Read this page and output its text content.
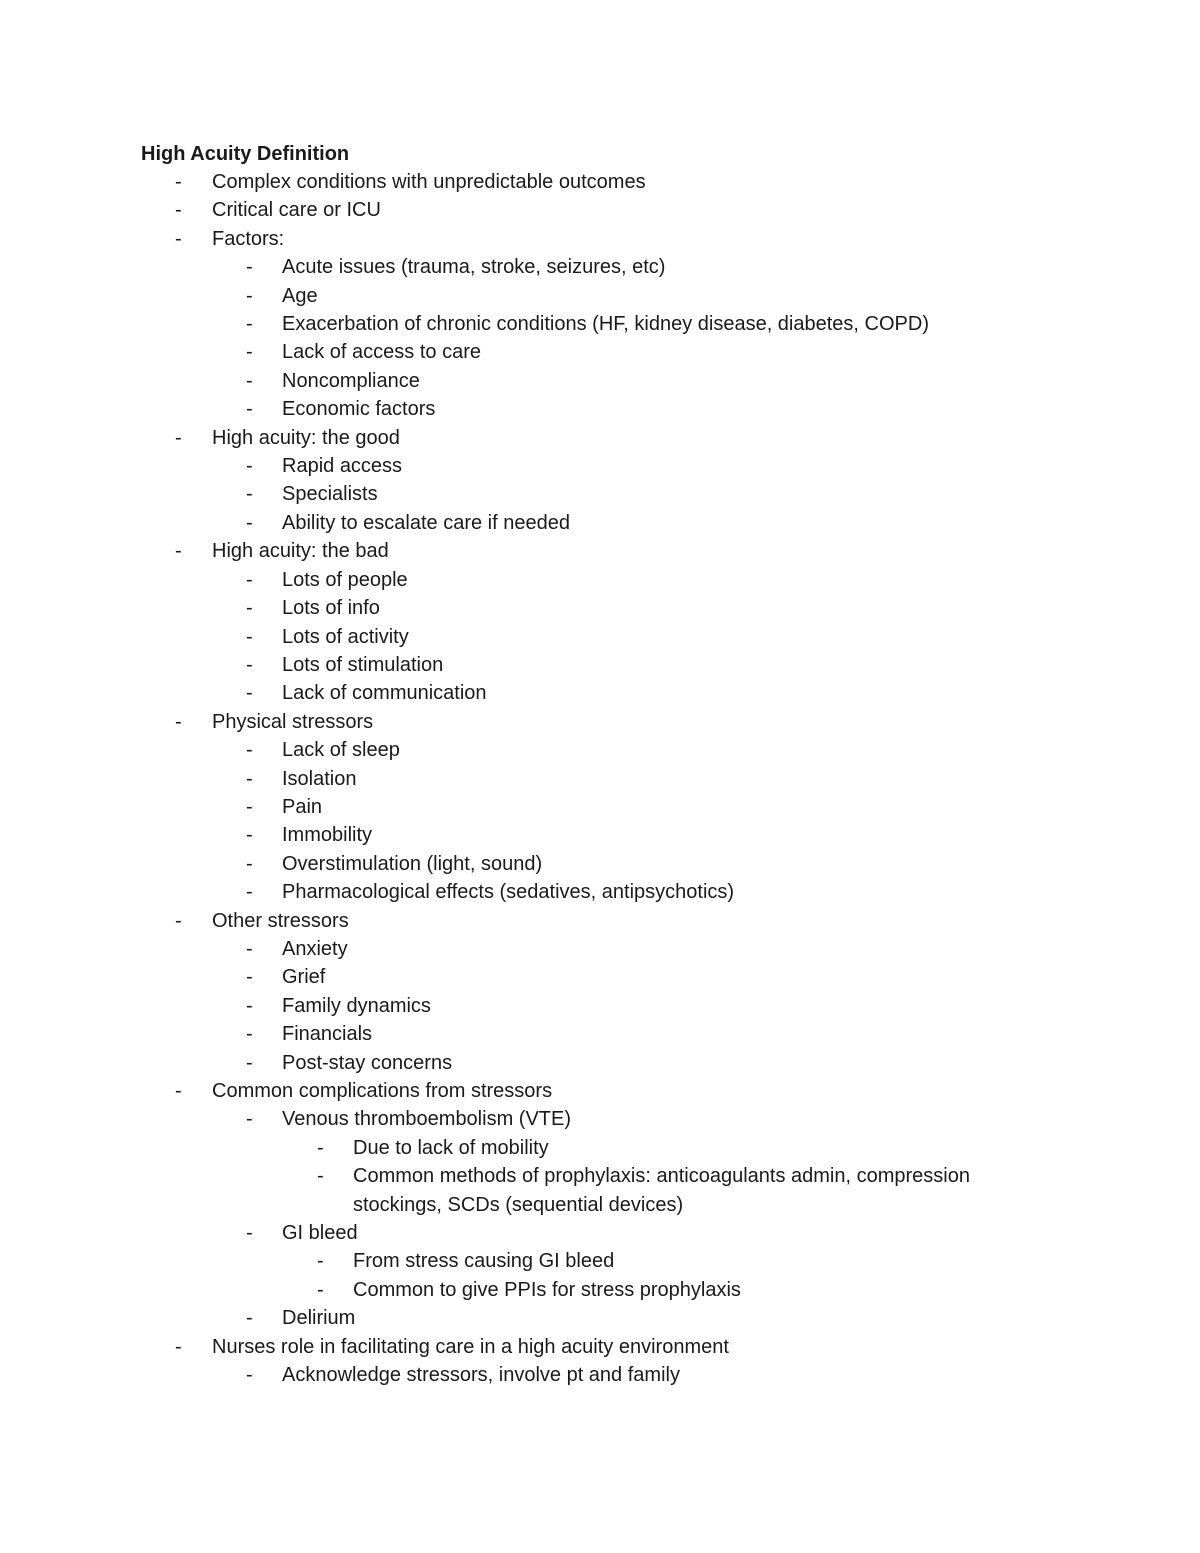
High Acuity Definition
-	Complex conditions with unpredictable outcomes
-	Critical care or ICU
-	Factors:
-	Acute issues (trauma, stroke, seizures, etc)
-	Age
-	Exacerbation of chronic conditions (HF, kidney disease, diabetes, COPD)
-	Lack of access to care
-	Noncompliance
-	Economic factors
-	High acuity: the good
-	Rapid access
-	Specialists
-	Ability to escalate care if needed
-	High acuity: the bad
-	Lots of people
-	Lots of info
-	Lots of activity
-	Lots of stimulation
-	Lack of communication
-	Physical stressors
-	Lack of sleep
-	Isolation
-	Pain
-	Immobility
-	Overstimulation (light, sound)
-	Pharmacological effects (sedatives, antipsychotics)
-	Other stressors
-	Anxiety
-	Grief
-	Family dynamics
-	Financials
-	Post-stay concerns
-	Common complications from stressors
-	Venous thromboembolism (VTE)
-	Due to lack of mobility
-	Common methods of prophylaxis: anticoagulants admin, compression stockings, SCDs (sequential devices)
-	GI bleed
-	From stress causing GI bleed
-	Common to give PPIs for stress prophylaxis
-	Delirium
-	Nurses role in facilitating care in a high acuity environment
-	Acknowledge stressors, involve pt and family
